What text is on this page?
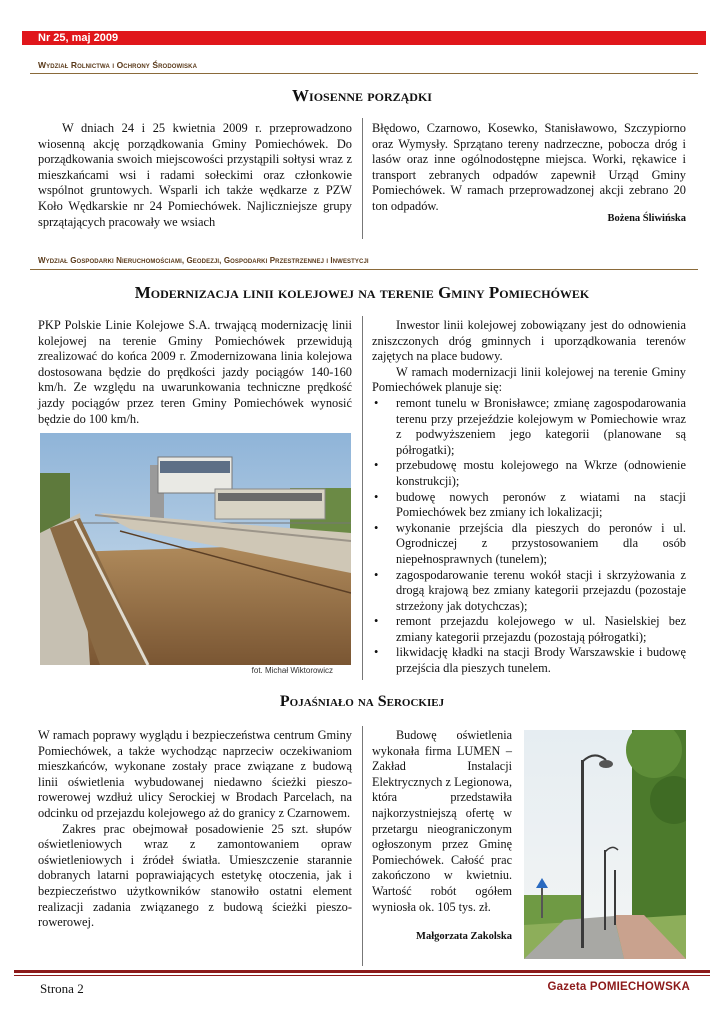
Nr 25, maj 2009
Wydział Rolnictwa i Ochrony Środowiska
Wiosenne porządki

W dniach 24 i 25 kwietnia 2009 r. przeprowadzono wiosenną akcję porządkowania Gminy Pomiechówek. Do porządkowania swoich miejscowości przystąpili sołtysi wraz z mieszkańcami wsi i radami sołeckimi oraz członkowie wspólnot gruntowych. Wsparli ich także wędkarze z PZW Koło Wędkarskie nr 24 Pomiechówek. Najliczniejsze grupy sprzątających pracowały we wsiach

Błędowo, Czarnowo, Kosewko, Stanisławowo, Szczypiorno oraz Wymysły. Sprzątano tereny nadrzeczne, pobocza dróg i lasów oraz inne ogólnodostępne miejsca. Worki, rękawice i transport zebranych odpadów zapewnił Urząd Gminy Pomiechówek. W ramach przeprowadzonej akcji zebrano 20 ton odpadów.

Bożena Śliwińska
Wydział Gospodarki Nieruchomościami, Geodezji, Gospodarki Przestrzennej i Inwestycji
Modernizacja linii kolejowej na terenie Gminy Pomiechówek

PKP Polskie Linie Kolejowe S.A. trwającą modernizację linii kolejowej na terenie Gminy Pomiechówek przewidują zrealizować do końca 2009 r. Zmodernizowana linia kolejowa dostosowana będzie do prędkości jazdy pociągów 140-160 km/h. Ze względu na uwarunkowania techniczne prędkość jazdy pociągów przez teren Gminy Pomiechówek wynosić będzie do 100 km/h.

fot. Michał Wiktorowicz

Inwestor linii kolejowej zobowiązany jest do odnowienia zniszczonych dróg gminnych i uporządkowania terenów zajętych na place budowy.

W ramach modernizacji linii kolejowej na terenie Gminy Pomiechówek planuje się:

• remont tunelu w Bronisławce; zmianę zagospodarowania terenu przy przejeździe kolejowym w Pomiechowie wraz z podwyższeniem jego kategorii (planowane są półrogatki);
• przebudowę mostu kolejowego na Wkrze (odnowienie konstrukcji);
• budowę nowych peronów z wiatami na stacji Pomiechówek bez zmiany ich lokalizacji;
• wykonanie przejścia dla pieszych do peronów i ul. Ogrodniczej z przystosowaniem dla osób niepełnosprawnych (tunelem);
• zagospodarowanie terenu wokół stacji i skrzyżowania z drogą krajową bez zmiany kategorii przejazdu (pozostaje strzeżony jak dotychczas);
• remont przejazdu kolejowego w ul. Nasielskiej bez zmiany kategorii przejazdu (pozostają półrogatki);
• likwidację kładki na stacji Brody Warszawskie i budowę przejścia dla pieszych tunelem.
Pojaśniało na Serockiej

W ramach poprawy wyglądu i bezpieczeństwa centrum Gminy Pomiechówek, a także wychodząc naprzeciw oczekiwaniom mieszkańców, wykonane zostały prace związane z budową linii oświetlenia wybudowanej niedawno ścieżki pieszo-rowerowej wzdłuż ulicy Serockiej w Brodach Parcelach, na odcinku od przejazdu kolejowego aż do granicy z Czarnowem.

Zakres prac obejmował posadowienie 25 szt. słupów oświetleniowych wraz z zamontowaniem opraw oświetleniowych i źródeł światła. Umieszczenie starannie dobranych latarni poprawiających estetykę otoczenia, jak i bezpieczeństwo użytkowników stanowiło ostatni element realizacji zadania związanego z budową ścieżki pieszo-rowerowej.

Budowę oświetlenia wykonała firma LUMEN – Zakład Instalacji Elektrycznych z Legionowa, która przedstawiła najkorzystniejszą ofertę w przetargu nieograniczonym ogłoszonym przez Gminę Pomiechówek. Całość prac zakończono w kwietniu. Wartość robót ogółem wyniosła ok. 105 tys. zł.

Małgorzata Zakolska
Strona 2	Gazeta POMIECHOWSKA
